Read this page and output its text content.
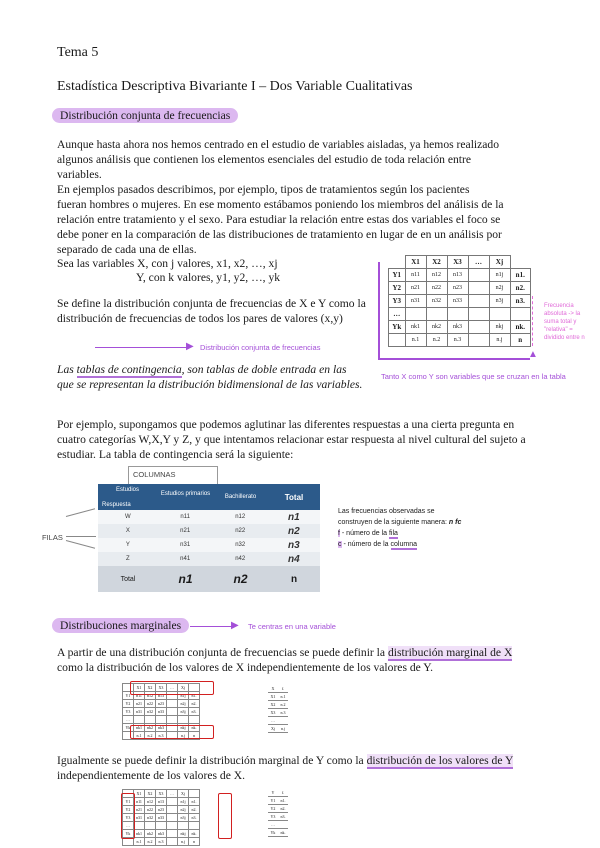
Tema 5
Estadística Descriptiva Bivariante I – Dos Variable Cualitativas
Distribución conjunta de frecuencias
Aunque hasta ahora nos hemos centrado en el estudio de variables aisladas, ya hemos realizado
algunos análisis que contienen los elementos esenciales del estudio de toda relación entre
variables.
En ejemplos pasados describimos, por ejemplo, tipos de tratamientos según los pacientes
fueran hombres o mujeres. En ese momento estábamos poniendo los miembros del análisis de la
relación entre tratamiento y el sexo. Para estudiar la relación entre estas dos variables el foco se
debe poner en la comparación de las distribuciones de tratamiento en lugar de en un análisis por
separado de cada una de ellas.
Sea las variables X, con j valores, x1, x2, …, xj
Y, con k valores, y1, y2, …, yk
Se define la distribución conjunta de frecuencias de X e Y como la
distribución de frecuencias de todos los pares de valores (x,y)
	X1	X2	X3	…	Xj	
Y1	n11	n12	n13		n1j	n1.
Y2	n21	n22	n23		n2j	n2.
Y3	n31	n32	n33		n3j	n3.
…						
Yk	nk1	nk2	nk3		nkj	nk.
	n.1	n.2	n.3		n.j	n
▲
Frecuencia
absoluta -> la
suma total y
"relativa" =
dividido entre n
Tanto X como Y son variables que se cruzan en la tabla
▶ Distribución conjunta de frecuencias
Las tablas de contingencia, son tablas de doble entrada en las
que se representan la distribución bidimensional de las variables.
Por ejemplo, supongamos que podemos aglutinar las diferentes respuestas a una cierta pregunta en
cuatro categorías W,X,Y y Z, y que intentamos relacionar estar respuesta al nivel cultural del sujeto a
estudiar. La tabla de contingencia será la siguiente:
COLUMNAS
FILAS
Estudios
Respuesta
Estudios primarios	Bachillerato	Total
W	n11	n12	n1
X	n21	n22	n2
Y	n31	n32	n3
Z	n41	n42	n4
Total	n1	n2	n
Las frecuencias observadas se
construyen de la siguiente manera: n fc
f - número de la fila
c - número de la columna
Distribuciones marginales	▶ Te centras en una variable
A partir de una distribución conjunta de frecuencias se puede definir la distribución marginal de X
como la distribución de los valores de X independientemente de los valores de Y.
	X1	X2	X3	…	Xj	
Y1	n11	n12	n13		n1j	n1.
Y2	n21	n22	n23		n2j	n2.
Y3	n31	n32	n33		n3j	n3.
…						
Yk	nk1	nk2	nk3		nkj	nk.
	n.1	n.2	n.3		n.j	n
X	f.
X1	n.1
X2	n.2
X3	n.3
…	
Xj	n.j
Igualmente se puede definir la distribución marginal de Y como la distribución de los valores de Y
independientemente de los valores de X.
	X1	X2	X3	…	Xj	
Y1	n11	n12	n13		n1j	n1.
Y2	n21	n22	n23		n2j	n2.
Y3	n31	n32	n33		n3j	n3.
…						
Yk	nk1	nk2	nk3		nkj	nk.
	n.1	n.2	n.3		n.j	n
Y	f.
Y1	n1.
Y2	n2.
Y3	n3.
…	
Yk	nk.
